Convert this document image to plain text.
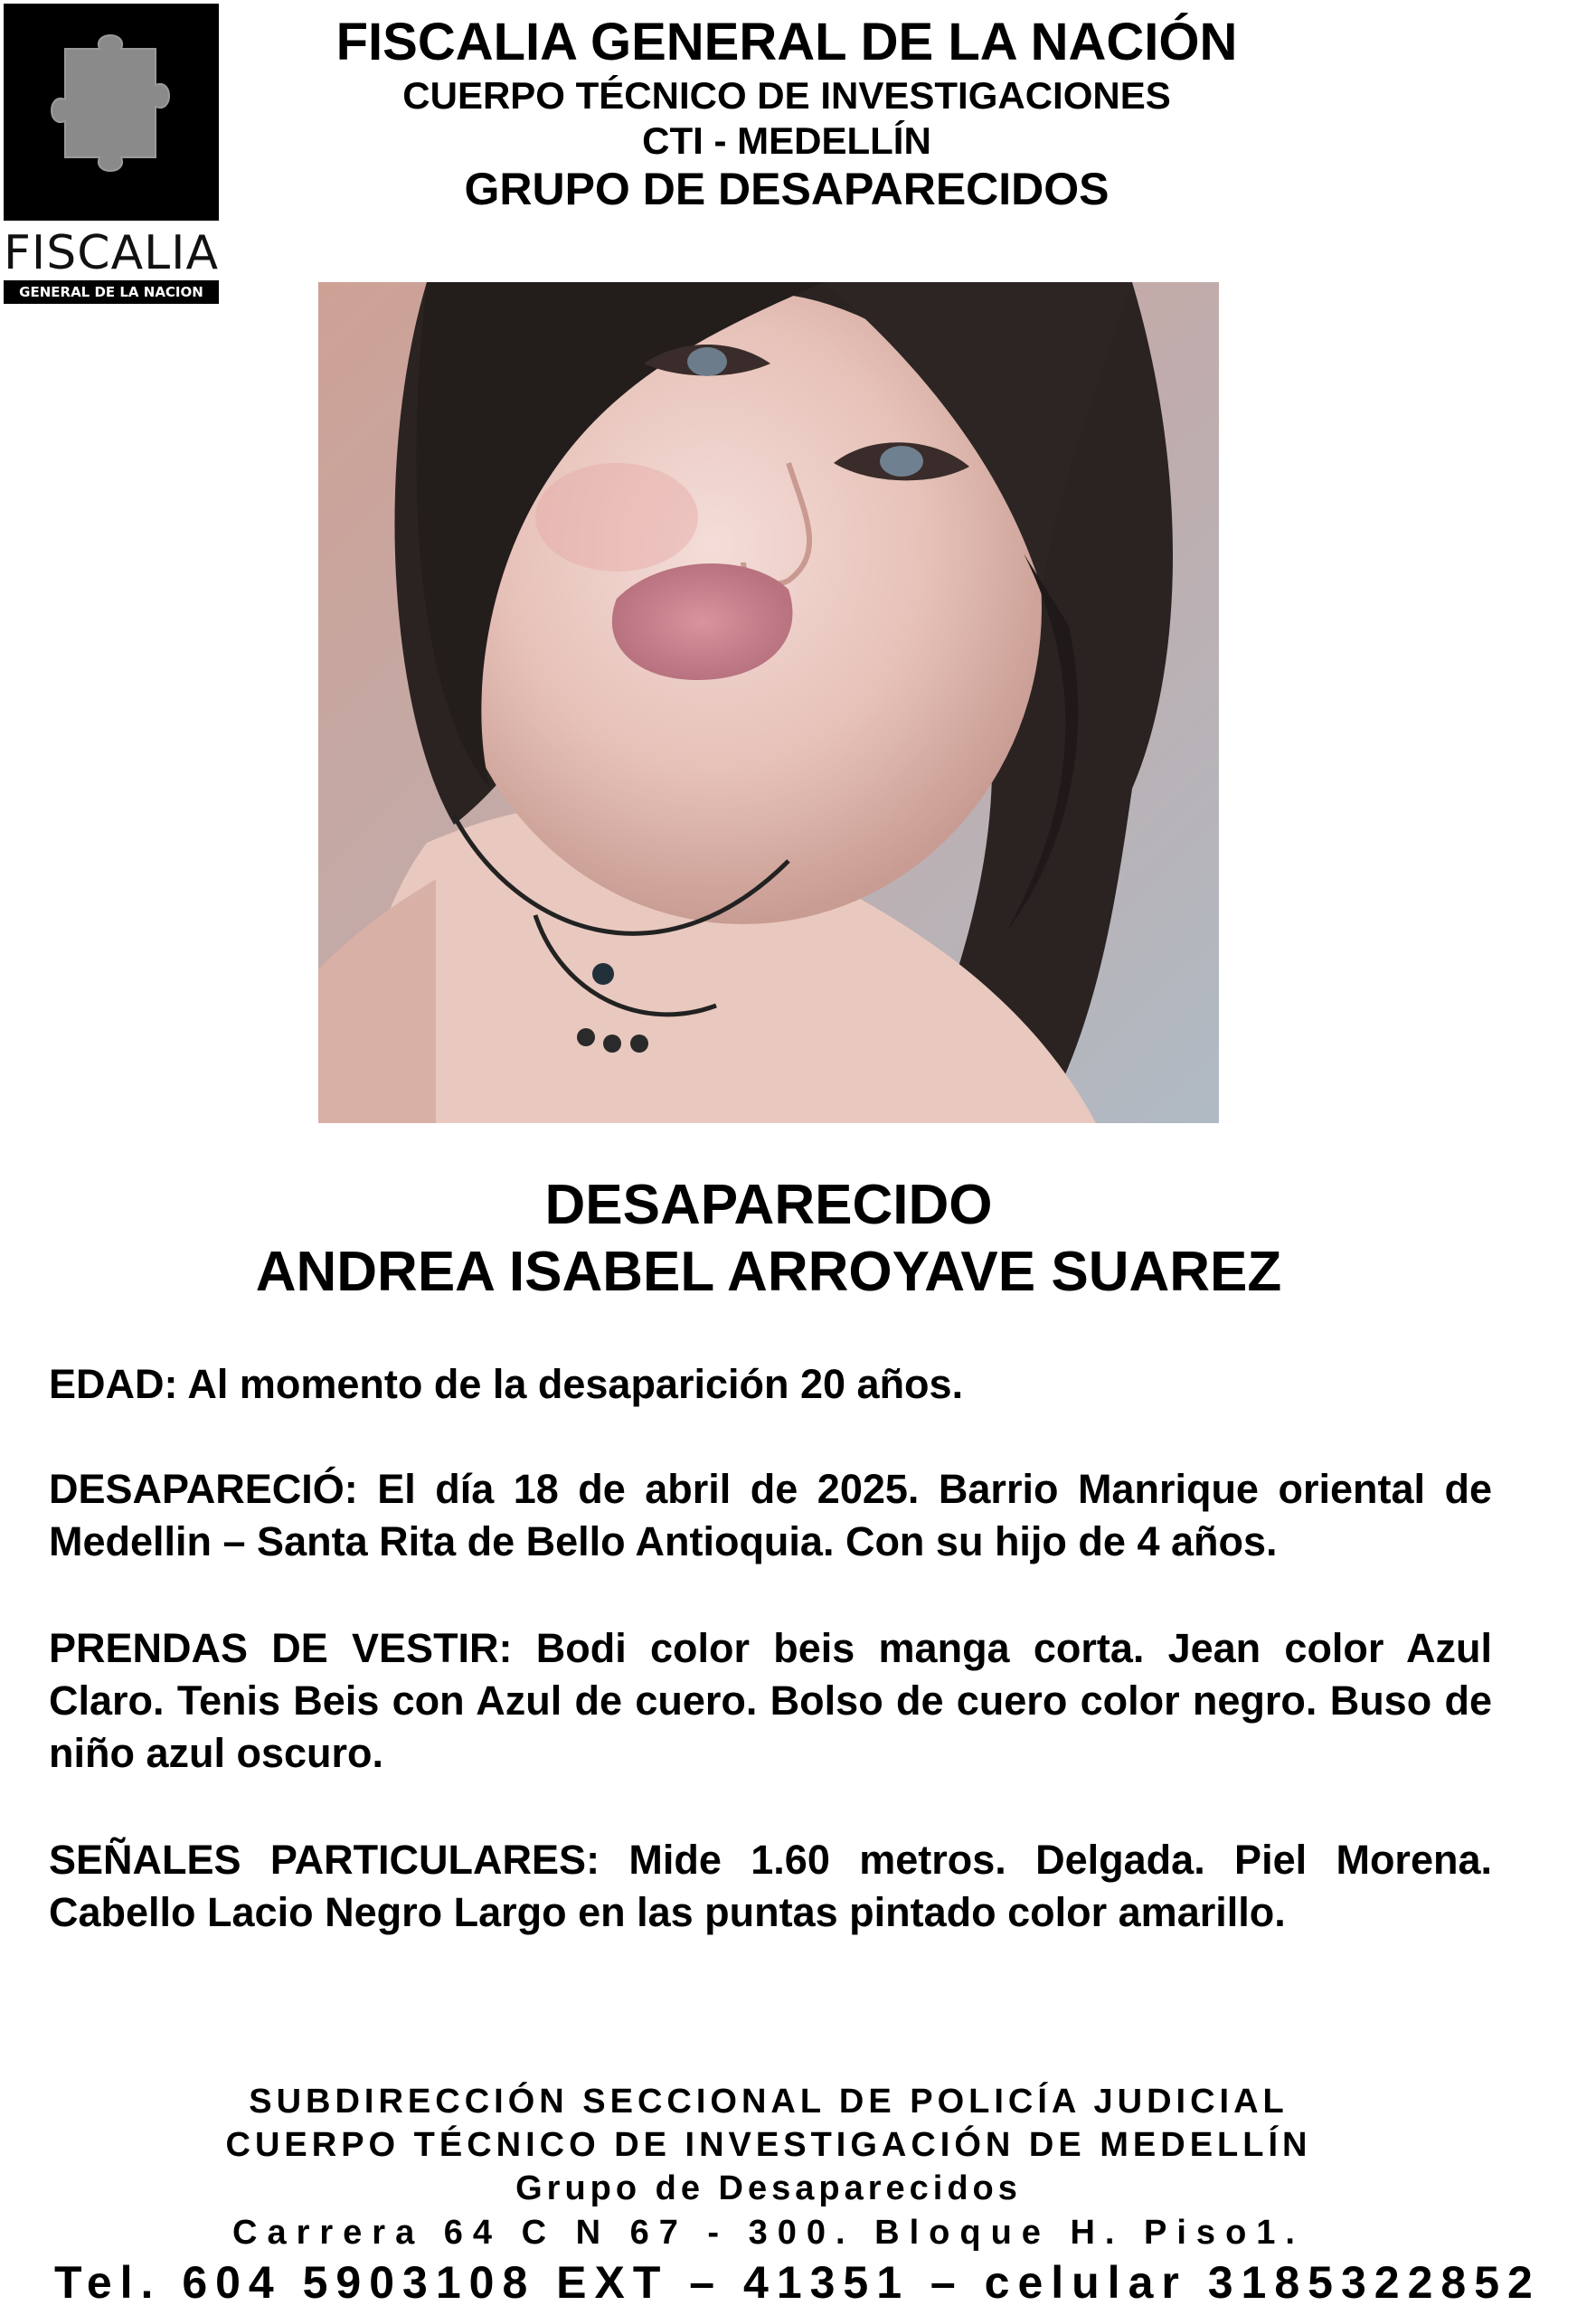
FISCALIA
GENERAL DE LA NACION
FISCALIA GENERAL DE LA NACIÓN
CUERPO TÉCNICO DE INVESTIGACIONES
CTI - MEDELLÍN
GRUPO DE DESAPARECIDOS
DESAPARECIDO
ANDREA ISABEL ARROYAVE SUAREZ
EDAD: Al momento de la desaparición 20 años.
DESAPARECIÓ: El día 18 de abril de 2025. Barrio Manrique oriental de Medellin – Santa Rita de Bello Antioquia. Con su hijo de 4 años.
PRENDAS DE VESTIR: Bodi color beis manga corta. Jean color Azul Claro. Tenis Beis con Azul de cuero. Bolso de cuero color negro. Buso de niño azul oscuro.
SEÑALES PARTICULARES: Mide 1.60 metros. Delgada. Piel Morena. Cabello Lacio Negro Largo en las puntas pintado color amarillo.
SUBDIRECCIÓN SECCIONAL DE POLICÍA JUDICIAL
CUERPO TÉCNICO DE INVESTIGACIÓN DE MEDELLÍN
Grupo de Desaparecidos
Carrera 64 C N 67 - 300. Bloque H. Piso1.
Tel. 604 5903108 EXT – 41351 – celular 3185322852
